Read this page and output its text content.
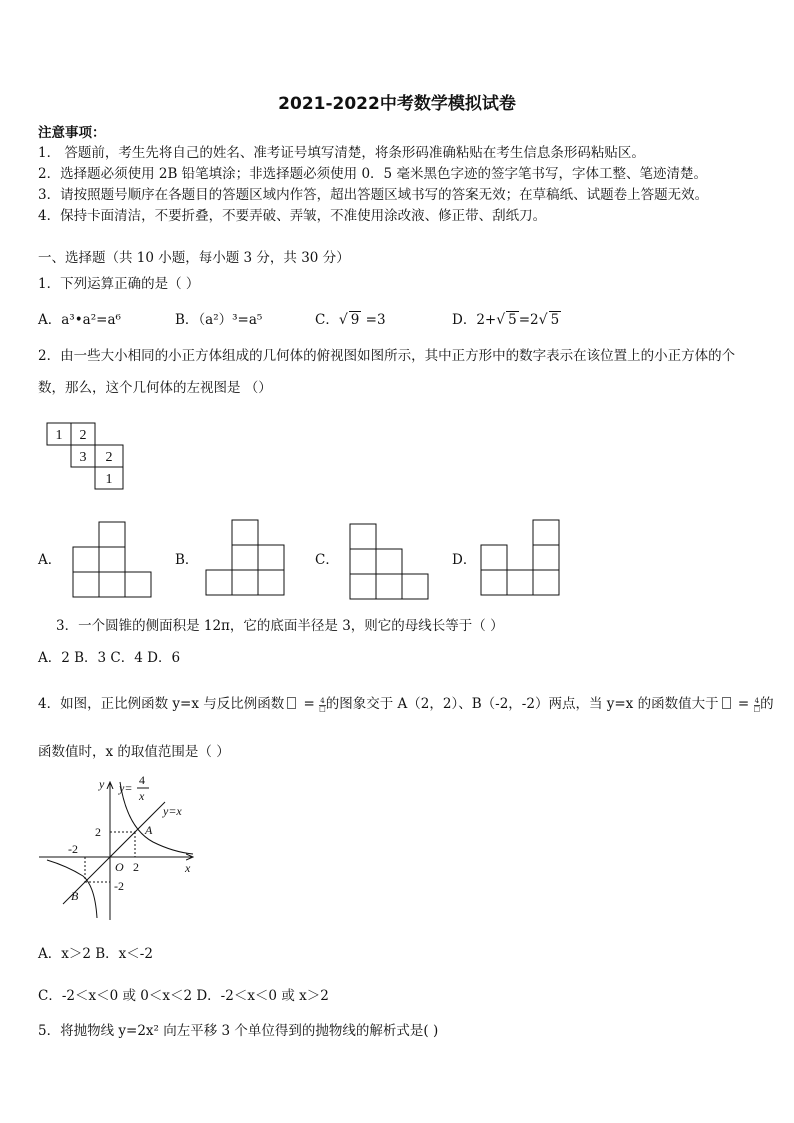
2021-2022中考数学模拟试卷
注意事项：
1． 答题前，考生先将自己的姓名、准考证号填写清楚，将条形码准确粘贴在考生信息条形码粘贴区。
2．选择题必须使用 2B 铅笔填涂；非选择题必须使用 0．5 毫米黑色字迹的签字笔书写，字体工整、笔迹清楚。
3．请按照题号顺序在各题目的答题区域内作答，超出答题区域书写的答案无效；在草稿纸、试题卷上答题无效。
4．保持卡面清洁，不要折叠，不要弄破、弄皱，不准使用涂改液、修正带、刮纸刀。
一、选择题（共 10 小题，每小题 3 分，共 30 分）
1．下列运算正确的是（ ）
A．a³•a²=a⁶	B．（a²）³=a⁵	C．√ 9 =3	D．2+√ 5 =2√ 5
2．由一些大小相同的小正方体组成的几何体的俯视图如图所示，其中正方形中的数字表示在该位置上的小正方体的个
数，那么，这个几何体的左视图是 （）
1 2
3 2
1
A．	B．	C．	D．
3．一个圆锥的侧面积是 12π，它的底面半径是 3，则它的母线长等于（ ）
A．2 B．3 C．4 D．6
4．如图，正比例函数 y=x 与反比例函数 = 4
□ 的图象交于 A（2，2）、B（-2，-2）两点，当 y=x 的函数值大于 = 4
□ 的
函数值时，x 的取值范围是（ ）
y y=
4
x
y=x
A
B
O	x
2
-2
2
-2
A．x＞2 B．x＜-2
C．-2＜x＜0 或 0＜x＜2 D．-2＜x＜0 或 x＞2
5．将抛物线 y=2x² 向左平移 3 个单位得到的抛物线的解析式是( )
